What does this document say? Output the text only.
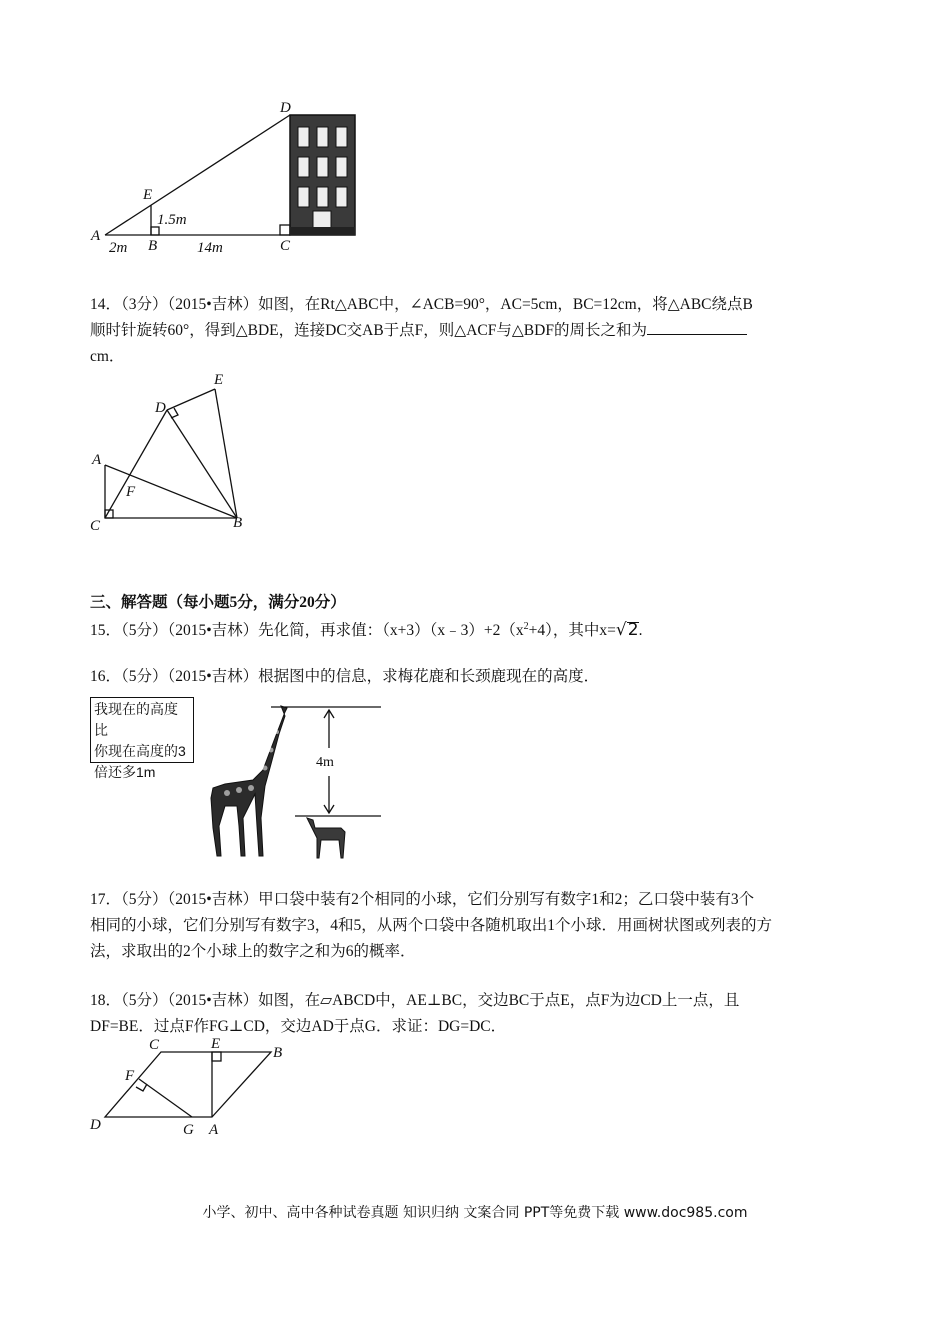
D
E
A
B	C
1.5m
2m	14m
14．（3分）（2015•吉林）如图，在Rt△ABC中，∠ACB=90°，AC=5cm，BC=12cm，将△ABC绕点B
顺时针旋转60°，得到△BDE，连接DC交AB于点F，则△ACF与△BDF的周长之和为
cm．
E
D
A
F
C	B
三、解答题（每小题5分，满分20分）
15．（5分）（2015•吉林）先化简，再求值：$(x+3)(x﹣3)+2(x^2+4)$，其中x=√2.
16．（5分）（2015•吉林）根据图中的信息，求梅花鹿和长颈鹿现在的高度．
我现在的高度比
你现在高度的3
倍还多1m
4m
17．（5分）（2015•吉林）甲口袋中装有2个相同的小球，它们分别写有数字1和2；乙口袋中装有3个
相同的小球，它们分别写有数字3，4和5，从两个口袋中各随机取出1个小球．用画树状图或列表的方
法，求取出的2个小球上的数字之和为6的概率．
18．（5分）（2015•吉林）如图，在▱ABCD中，AE⊥BC，交边BC于点E，点F为边CD上一点，且
DF=BE．过点F作FG⊥CD，交边AD于点G．求证：DG=DC．
C	E
B
F
D	G A
小学、初中、高中各种试卷真题 知识归纳 文案合同 PPT等免费下载 www.doc985.com
